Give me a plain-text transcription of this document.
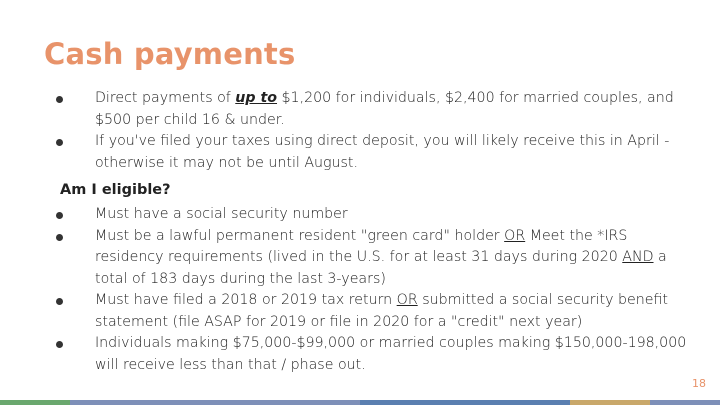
Cash payments
Direct payments of up to $1,200 for individuals, $2,400 for married couples, and $500 per child 16 & under.
If you've filed your taxes using direct deposit, you will likely receive this in April - otherwise it may not be until August.
Am I eligible?
Must have a social security number
Must be a lawful permanent resident "green card" holder OR Meet the *IRS residency requirements (lived in the U.S. for at least 31 days during 2020 AND a total of 183 days during the last 3-years)
Must have filed a 2018 or 2019 tax return OR submitted a social security benefit statement (file ASAP for 2019 or file in 2020 for a "credit" next year)
Individuals making $75,000-$99,000 or married couples making $150,000-198,000 will receive less than that / phase out.
18
